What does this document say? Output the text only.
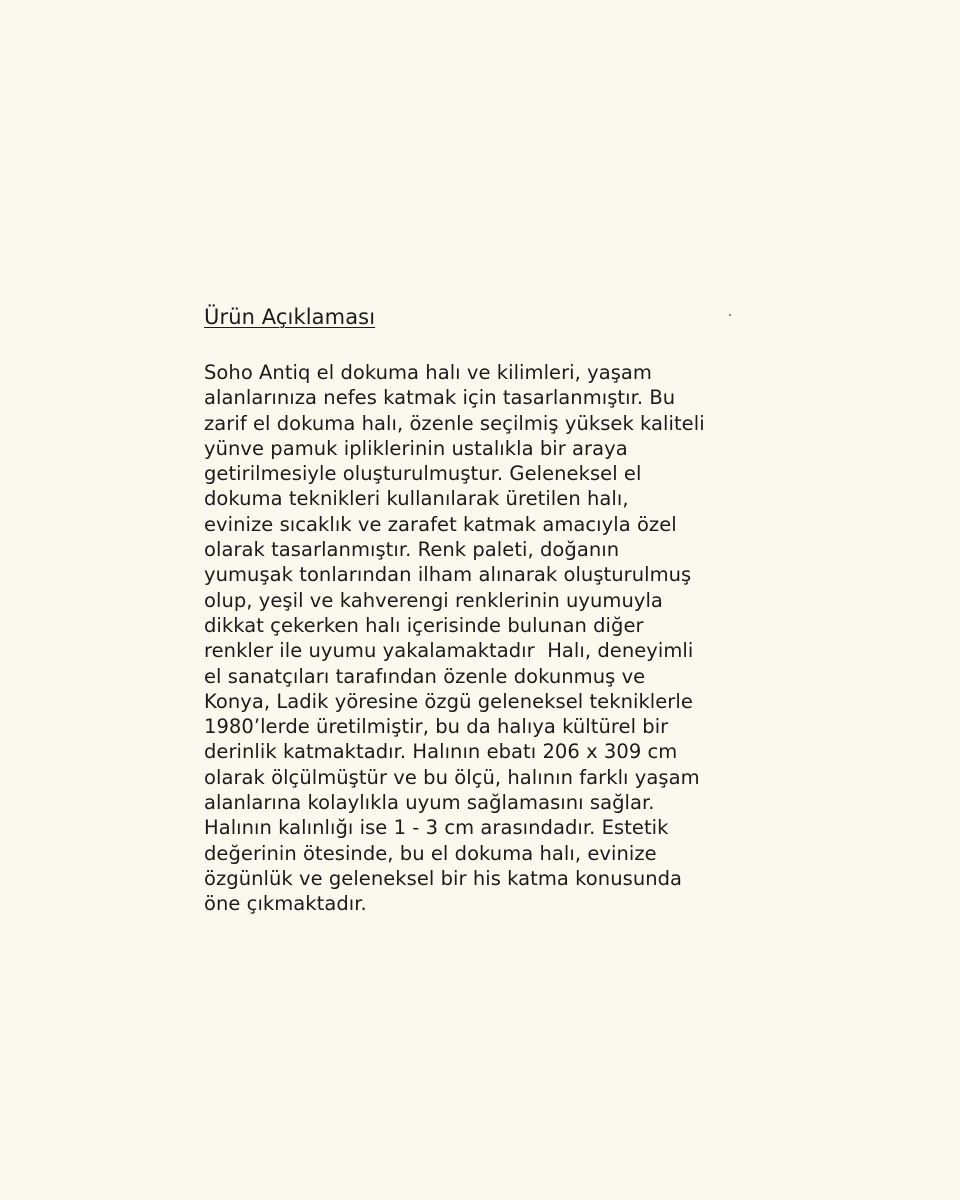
Ürün Açıklaması
Soho Antiq el dokuma halı ve kilimleri, yaşam
alanlarınıza nefes katmak için tasarlanmıştır. Bu
zarif el dokuma halı, özenle seçilmiş yüksek kaliteli
yünve pamuk ipliklerinin ustalıkla bir araya
getirilmesiyle oluşturulmuştur. Geleneksel el
dokuma teknikleri kullanılarak üretilen halı,
evinize sıcaklık ve zarafet katmak amacıyla özel
olarak tasarlanmıştır. Renk paleti, doğanın
yumuşak tonlarından ilham alınarak oluşturulmuş
olup, yeşil ve kahverengi renklerinin uyumuyla
dikkat çekerken halı içerisinde bulunan diğer
renkler ile uyumu yakalamaktadır  Halı, deneyimli
el sanatçıları tarafından özenle dokunmuş ve
Konya, Ladik yöresine özgü geleneksel tekniklerle
1980’lerde üretilmiştir, bu da halıya kültürel bir
derinlik katmaktadır. Halının ebatı 206 x 309 cm
olarak ölçülmüştür ve bu ölçü, halının farklı yaşam
alanlarına kolaylıkla uyum sağlamasını sağlar.
Halının kalınlığı ise 1 - 3 cm arasındadır. Estetik
değerinin ötesinde, bu el dokuma halı, evinize
özgünlük ve geleneksel bir his katma konusunda
öne çıkmaktadır.
